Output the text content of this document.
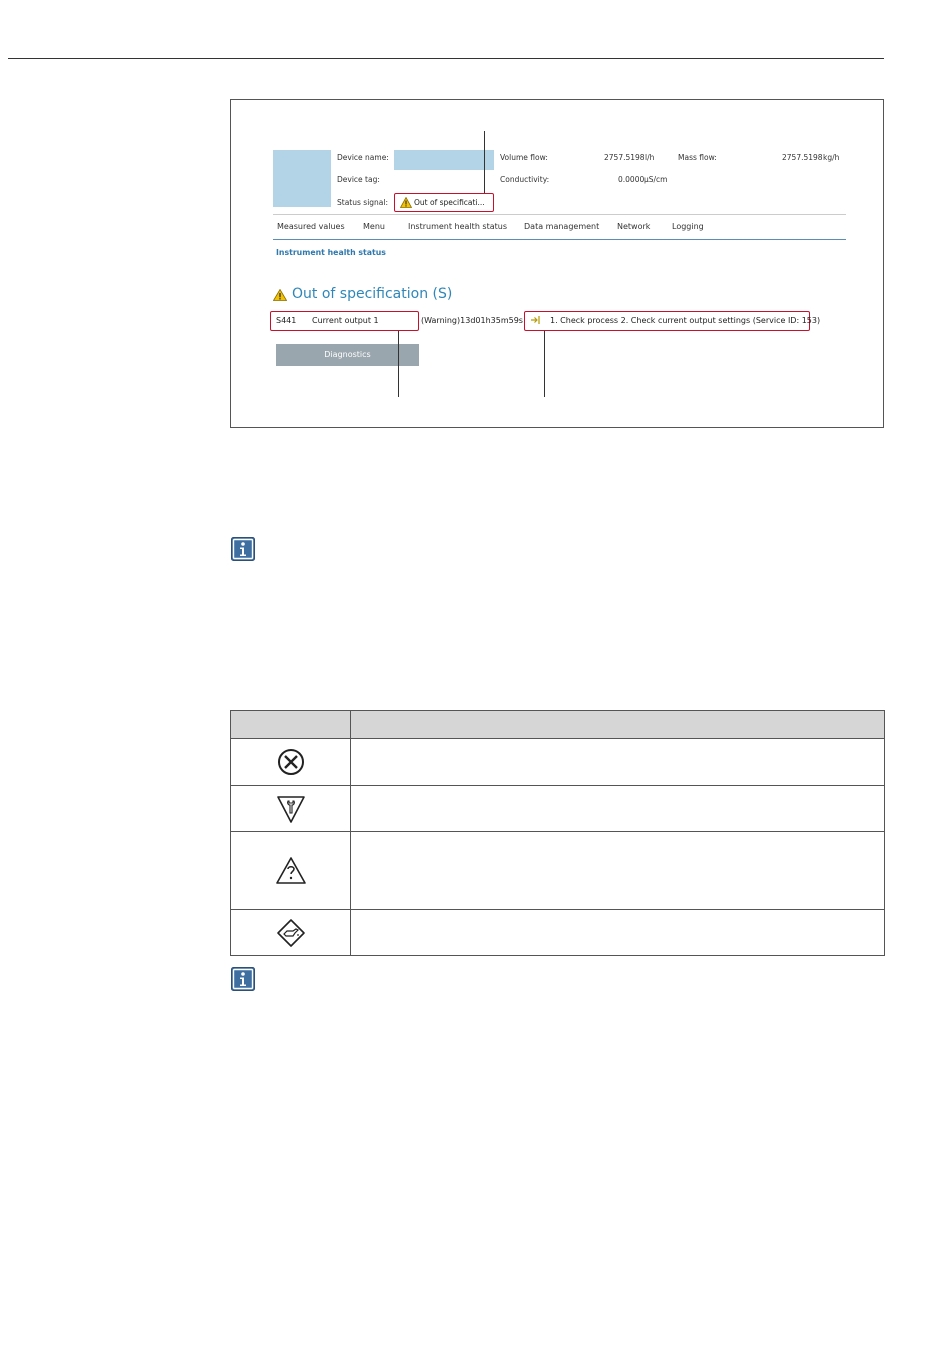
Device name:
Device tag:
Status signal:	Out of specificati...
Volume flow:	2757.5198 l/h	Mass flow:	2757.5198 kg/h
Conductivity:	0.0000 µS/cm
Measured values Menu	Instrument health status Data management Network	Logging
Instrument health status
Out of specification (S)
S441 Current output 1	(Warning)13d01h35m59s	1. Check process 2. Check current output settings (Service ID: 153)
Diagnostics
